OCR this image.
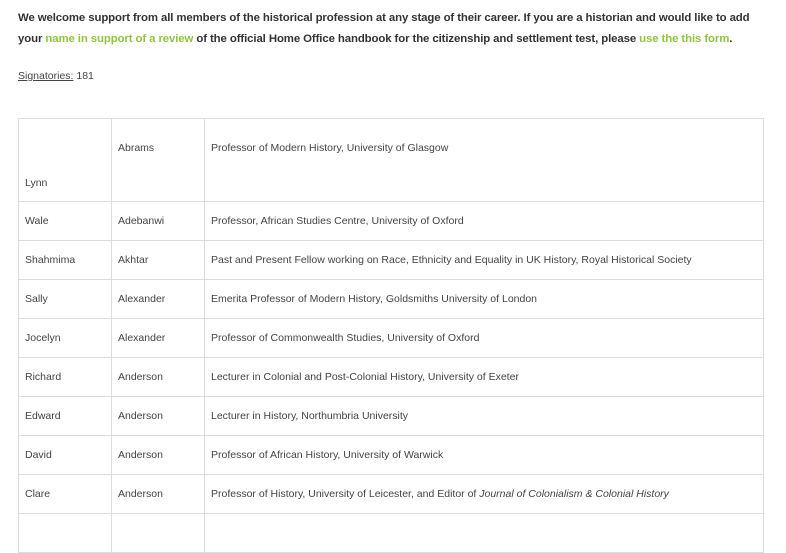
We welcome support from all members of the historical profession at any stage of their career. If you are a historian and would like to add your name in support of a review of the official Home Office handbook for the citizenship and settlement test, please use the this form.
Signatories: 181
Lynn	Abrams	Professor of Modern History, University of Glasgow
Wale	Adebanwi	Professor, African Studies Centre, University of Oxford
Shahmima	Akhtar	Past and Present Fellow working on Race, Ethnicity and Equality in UK History, Royal Historical Society
Sally	Alexander	Emerita Professor of Modern History, Goldsmiths University of London
Jocelyn	Alexander	Professor of Commonwealth Studies, University of Oxford
Richard	Anderson	Lecturer in Colonial and Post-Colonial History, University of Exeter
Edward	Anderson	Lecturer in History, Northumbria University
David	Anderson	Professor of African History, University of Warwick
Clare	Anderson	Professor of History, University of Leicester, and Editor of Journal of Colonialism & Colonial History
